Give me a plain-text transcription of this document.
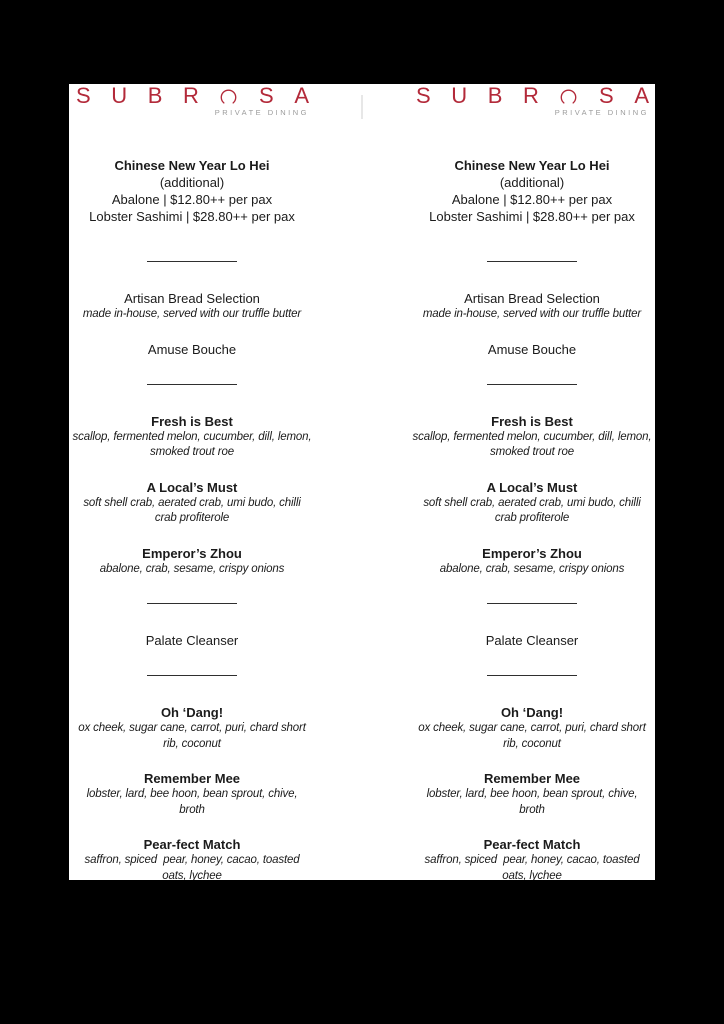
S U B R	S A
PRIVATE DINING
Chinese New Year Lo Hei
(additional)
Abalone | $12.80++ per pax
Lobster Sashimi | $28.80++ per pax
Artisan Bread Selection
made in-house, served with our truffle butter
Amuse Bouche
Fresh is Best
scallop, fermented melon, cucumber, dill, lemon,
smoked trout roe
A Local’s Must
soft shell crab, aerated crab, umi budo, chilli
crab profiterole
Emperor’s Zhou
abalone, crab, sesame, crispy onions
Palate Cleanser
Oh ‘Dang!
ox cheek, sugar cane, carrot, puri, chard short
rib, coconut
Remember Mee
lobster, lard, bee hoon, bean sprout, chive,
broth
Pear-fect Match
saffron, spiced  pear, honey, cacao, toasted
oats, lychee
S U B R	S A
PRIVATE DINING
Chinese New Year Lo Hei
(additional)
Abalone | $12.80++ per pax
Lobster Sashimi | $28.80++ per pax
Artisan Bread Selection
made in-house, served with our truffle butter
Amuse Bouche
Fresh is Best
scallop, fermented melon, cucumber, dill, lemon,
smoked trout roe
A Local’s Must
soft shell crab, aerated crab, umi budo, chilli
crab profiterole
Emperor’s Zhou
abalone, crab, sesame, crispy onions
Palate Cleanser
Oh ‘Dang!
ox cheek, sugar cane, carrot, puri, chard short
rib, coconut
Remember Mee
lobster, lard, bee hoon, bean sprout, chive,
broth
Pear-fect Match
saffron, spiced  pear, honey, cacao, toasted
oats, lychee
